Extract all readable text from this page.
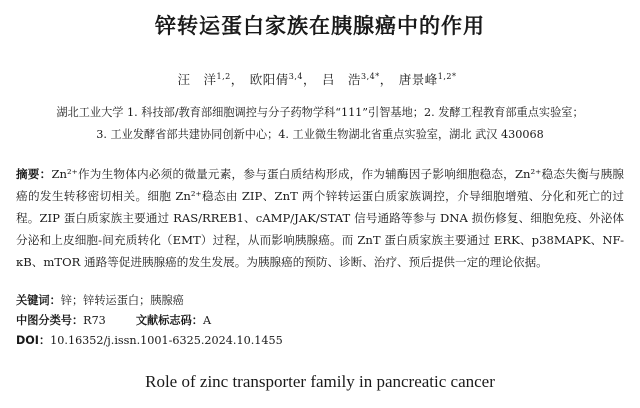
锌转运蛋白家族在胰腺癌中的作用
汪　洋$^{1,2}$， 欧阳倩$^{3,4}$， 吕　浩$^{3,4*}$， 唐景峰$^{1,2*}$
湖北工业大学 1. 科技部/教育部细胞调控与分子药物学科“111”引智基地；2. 发酵工程教育部重点实验室；
3. 工业发酵省部共建协同创新中心；4. 工业微生物湖北省重点实验室，湖北 武汉 430068
摘要：Zn²⁺作为生物体内必须的微量元素，参与蛋白质结构形成，作为辅酶因子影响细胞稳态，Zn²⁺稳态失衡与胰腺癌的发生转移密切相关。细胞 Zn²⁺稳态由 ZIP、ZnT 两个锌转运蛋白质家族调控，介导细胞增殖、分化和死亡的过程。ZIP 蛋白质家族主要通过 RAS/RREB1、cAMP/JAK/STAT 信号通路等参与 DNA 损伤修复、细胞免疫、外泌体分泌和上皮细胞-间充质转化（EMT）过程，从而影响胰腺癌。而 ZnT 蛋白质家族主要通过 ERK、p38MAPK、NF-κB、mTOR 通路等促进胰腺癌的发生发展。为胰腺癌的预防、诊断、治疗、预后提供一定的理论依据。
关键词：锌；锌转运蛋白；胰腺癌
中图分类号：R73	文献标志码：A
DOI：10.16352/j.issn.1001-6325.2024.10.1455
Role of zinc transporter family in pancreatic cancer
